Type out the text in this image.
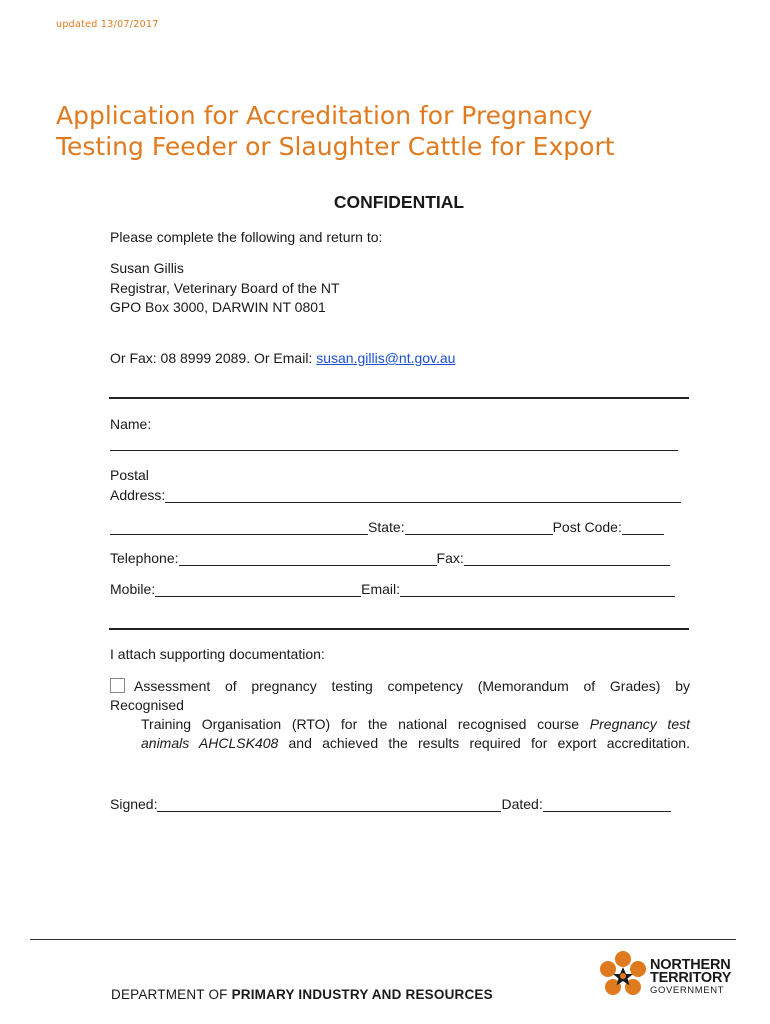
updated 13/07/2017
Application for Accreditation for Pregnancy
Testing Feeder or Slaughter Cattle for Export
CONFIDENTIAL
Please complete the following and return to:
Susan Gillis
Registrar, Veterinary Board of the NT
GPO Box 3000, DARWIN NT 0801
Or Fax: 08 8999 2089. Or Email: susan.gillis@nt.gov.au
Name:
Postal
Address:
State:	Post Code:
Telephone:	Fax:
Mobile:	Email:
I attach supporting documentation:
Assessment of pregnancy testing competency (Memorandum of Grades) by
Recognised
Training Organisation (RTO) for the national recognised course Pregnancy test
animals AHCLSK408 and achieved the results required for export accreditation.
Signed:	Dated:
DEPARTMENT OF PRIMARY INDUSTRY AND RESOURCES
NORTHERN
TERRITORY
GOVERNMENT
